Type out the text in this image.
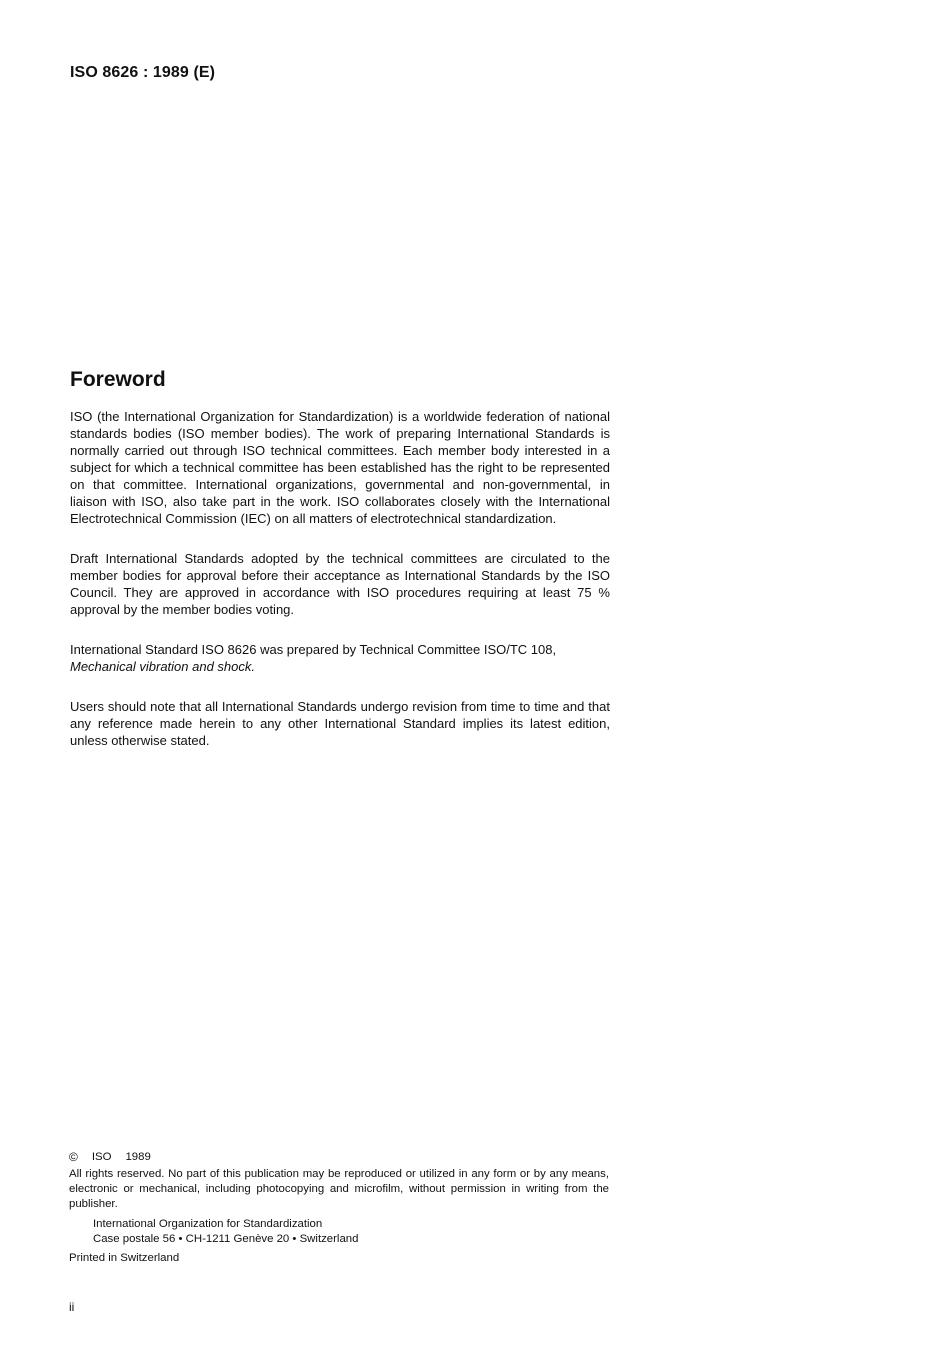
ISO 8626 : 1989 (E)
Foreword

ISO (the International Organization for Standardization) is a worldwide federation of national standards bodies (ISO member bodies). The work of preparing International Standards is normally carried out through ISO technical committees. Each member body interested in a subject for which a technical committee has been established has the right to be represented on that committee. International organizations, governmental and non-governmental, in liaison with ISO, also take part in the work. ISO collaborates closely with the International Electrotechnical Commission (IEC) on all matters of electrotechnical standardization.

Draft International Standards adopted by the technical committees are circulated to the member bodies for approval before their acceptance as International Standards by the ISO Council. They are approved in accordance with ISO procedures requiring at least 75 % approval by the member bodies voting.

International Standard ISO 8626 was prepared by Technical Committee ISO/TC 108,
Mechanical vibration and shock.

Users should note that all International Standards undergo revision from time to time and that any reference made herein to any other International Standard implies its latest edition, unless otherwise stated.

© ISO 1989

All rights reserved. No part of this publication may be reproduced or utilized in any form or by any means, electronic or mechanical, including photocopying and microfilm, without permission in writing from the publisher.

International Organization for Standardization
Case postale 56 • CH-1211 Genève 20 • Switzerland
Printed in Switzerland
ii
